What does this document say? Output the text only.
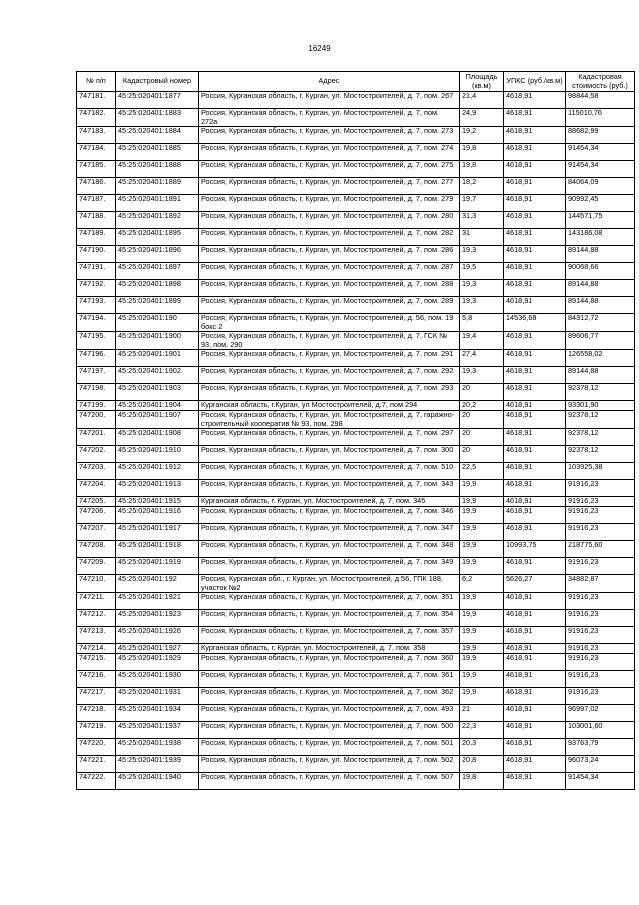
16249
№ п/п	Кадастровый номер	Адрес	Площадь (кв.м)	УПКС (руб./кв.м)	Кадастровая стоимость (руб.)
747181.	45:25:020401:1877	Россия, Курганская область, г. Курган, ул. Мостостроителей, д. 7, пом. 267	21,4	4618,91	98844,58
747182.	45:25:020401:1883	Россия, Курганская область, г. Курган, ул. Мостостроителей, д. 7, пом. 272а	24,9	4618,91	115010,76
747183.	45:25:020401:1884	Россия, Курганская область, г. Курган, ул. Мостостроителей, д. 7, пом. 273	19,2	4618,91	88682,99
747184.	45:25:020401:1885	Россия, Курганская область, г. Курган, ул. Мостостроителей, д. 7, пом. 274	19,8	4618,91	91454,34
747185.	45:25:020401:1888	Россия, Курганская область, г. Курган, ул. Мостостроителей, д. 7, пом. 275	19,8	4618,91	91454,34
747186.	45:25:020401:1889	Россия, Курганская область, г. Курган, ул. Мостостроителей, д. 7, пом. 277	18,2	4618,91	84064,09
747187.	45:25:020401:1891	Россия, Курганская область, г. Курган, ул. Мостостроителей, д. 7, пом. 279	19,7	4618,91	90992,45
747188.	45:25:020401:1892	Россия, Курганская область, г. Курган, ул. Мостостроителей, д. 7, пом. 280	31,3	4618,91	144571,75
747189.	45:25:020401:1895	Россия, Курганская область, г. Курган, ул. Мостостроителей, д. 7, пом. 282	31	4618,91	143186,08
747190.	45:25:020401:1896	Россия, Курганская область, г. Курган, ул. Мостостроителей, д. 7, пом. 286	19,3	4618,91	89144,88
747191.	45:25:020401:1897	Россия, Курганская область, г. Курган, ул. Мостостроителей, д. 7, пом. 287	19,5	4618,91	90068,66
747192.	45:25:020401:1898	Россия, Курганская область, г. Курган, ул. Мостостроителей, д. 7, пом. 288	19,3	4618,91	89144,88
747193.	45:25:020401:1899	Россия, Курганская область, г. Курган, ул. Мостостроителей, д. 7, пом. 289	19,3	4618,91	89144,88
747194.	45:25:020401:190	Россия, Курганская область, г. Курган, ул. Мостостроителей, д. 56, пом. 19 бокс 2	5,8	14536,68	84312,72
747195.	45:25:020401:1900	Россия, Курганская область, г. Курган, ул. Мостостроителей, д. 7, ГСК № 93, пом. 290	19,4	4618,91	89606,77
747196.	45:25:020401:1901	Россия, Курганская область, г. Курган, ул. Мостостроителей, д. 7, пом. 291	27,4	4618,91	126558,02
747197.	45:25:020401:1902	Россия, Курганская область, г. Курган, ул. Мостостроителей, д. 7, пом. 292	19,3	4618,91	89144,88
747198.	45:25:020401:1903	Россия, Курганская область, г. Курган, ул. Мостостроителей, д. 7, пом. 293	20	4618,91	92378,12
747199.	45:25:020401:1904	Курганская область, г.Курган, ул Мостостроителей, д.7, пом 294	20,2	4618,91	93301,90
747200.	45:25:020401:1907	Россия, Курганская область, г. Курган, ул. Мостостроителей, д. 7, гаражно-строительный кооператив № 93, пом. 298	20	4618,91	92378,12
747201.	45:25:020401:1908	Россия, Курганская область, г. Курган, ул. Мостостроителей, д. 7, пом. 297	20	4618,91	92378,12
747202.	45:25:020401:1910	Россия, Курганская область, г. Курган, ул. Мостостроителей, д. 7, пом. 300	20	4618,91	92378,12
747203.	45:25:020401:1912	Россия, Курганская область, г. Курган, ул. Мостостроителей, д. 7, пом. 510	22,5	4618,91	103925,38
747204.	45:25:020401:1913	Россия, Курганская область, г. Курган, ул. Мостостроителей, д. 7, пом. 343	19,9	4618,91	91916,23
747205.	45:25:020401:1915	Курганская область, г. Курган, ул. Мостостроителей, д. 7, пом. 345	19,9	4618,91	91916,23
747206.	45:25:020401:1916	Россия, Курганская область, г. Курган, ул. Мостостроителей, д. 7, пом. 346	19,9	4618,91	91916,23
747207.	45:25:020401:1917	Россия, Курганская область, г. Курган, ул. Мостостроителей, д. 7, пом. 347	19,9	4618,91	91916,23
747208.	45:25:020401:1918	Россия, Курганская область, г. Курган, ул. Мостостроителей, д. 7, пом. 348	19,9	10993,75	218775,60
747209.	45:25:020401:1919	Россия, Курганская область, г. Курган, ул. Мостостроителей, д. 7, пом. 349	19,9	4618,91	91916,23
747210.	45:25:020401:192	Россия, Курганская обл., г. Курган, ул. Мостостроителей, д.56, ГПК 188, участок №2	6,2	5626,27	34882,87
747211.	45:25:020401:1921	Россия, Курганская область, г. Курган, ул. Мостостроителей, д. 7, пом. 351	19,9	4618,91	91916,23
747212.	45:25:020401:1923	Россия, Курганская область, г. Курган, ул. Мостостроителей, д. 7, пом. 354	19,9	4618,91	91916,23
747213.	45:25:020401:1926	Россия, Курганская область, г. Курган, ул. Мостостроителей, д. 7, пом. 357	19,9	4618,91	91916,23
747214.	45:25:020401:1927	Курганская область, г. Курган, ул. Мостостроителей, д. 7, пом. 358	19,9	4618,91	91916,23
747215.	45:25:020401:1929	Россия, Курганская область, г. Курган, ул. Мостостроителей, д. 7, пом. 360	19,9	4618,91	91916,23
747216.	45:25:020401:1930	Россия, Курганская область, г. Курган, ул. Мостостроителей, д. 7, пом. 361	19,9	4618,91	91916,23
747217.	45:25:020401:1931	Россия, Курганская область, г. Курган, ул. Мостостроителей, д. 7, пом. 362	19,9	4618,91	91916,23
747218.	45:25:020401:1934	Россия, Курганская область, г. Курган, ул. Мостостроителей, д. 7, пом. 493	21	4618,91	96997,02
747219.	45:25:020401:1937	Россия, Курганская область, г. Курган, ул. Мостостроителей, д. 7, пом. 500	22,3	4618,91	103001,60
747220.	45:25:020401:1938	Россия, Курганская область, г. Курган, ул. Мостостроителей, д. 7, пом. 501	20,3	4618,91	93763,79
747221.	45:25:020401:1939	Россия, Курганская область, г. Курган, ул. Мостостроителей, д. 7, пом. 502	20,8	4618,91	96073,24
747222.	45:25:020401:1940	Россия, Курганская область, г. Курган, ул. Мостостроителей, д. 7, пом. 507	19,8	4618,91	91454,34
